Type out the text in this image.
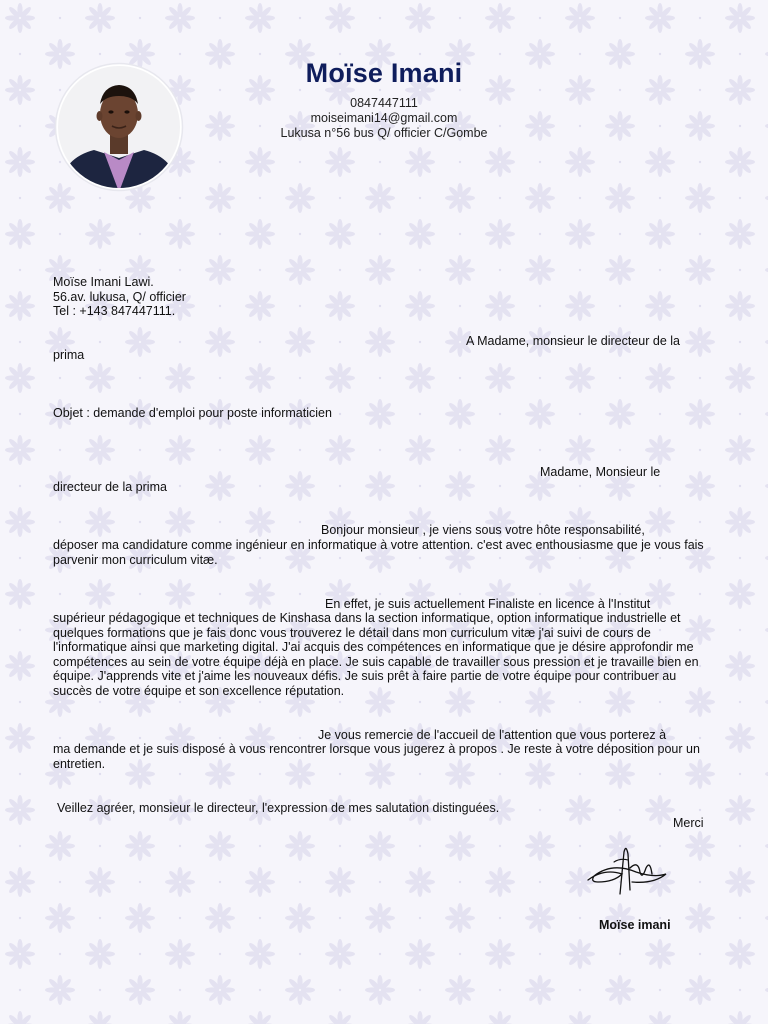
Moïse Imani
0847447111
moiseimani14@gmail.com
Lukusa n°56 bus Q/ officier C/Gombe
Moïse Imani Lawi.
56.av. lukusa, Q/ officier
Tel : +143 847447111.
A Madame, monsieur le directeur de la
prima
Objet : demande d'emploi pour poste informaticien
Madame, Monsieur le
directeur de la prima
Bonjour monsieur , je viens sous votre hôte responsabilité,

déposer ma candidature comme ingénieur en informatique à votre attention. c'est avec enthousiasme que je vous fais parvenir mon curriculum vitæ.

En effet, je suis actuellement Finaliste en licence à l'Institut

supérieur pédagogique et techniques de Kinshasa dans la section informatique, option informatique industrielle et quelques formations que je fais donc vous trouverez le détail dans mon curriculum vitæ j'ai suivi de cours de l'informatique ainsi que marketing digital. J'ai acquis des compétences en informatique que je désire approfondir me compétences au sein de votre équipe déjà en place. Je suis capable de travailler sous pression et je travaille bien en équipe. J'apprends vite et j'aime les nouveaux défis. Je suis prêt à faire partie de votre équipe pour contribuer au succès de votre équipe et son excellence réputation.

Je vous remercie de l'accueil de l'attention que vous porterez à

ma demande et je suis disposé à vous rencontrer lorsque vous jugerez à propos . Je reste à votre déposition pour un entretien.

Veillez agréer, monsieur le directeur, l'expression de mes salutation distinguées.
Merci
Moïse imani
